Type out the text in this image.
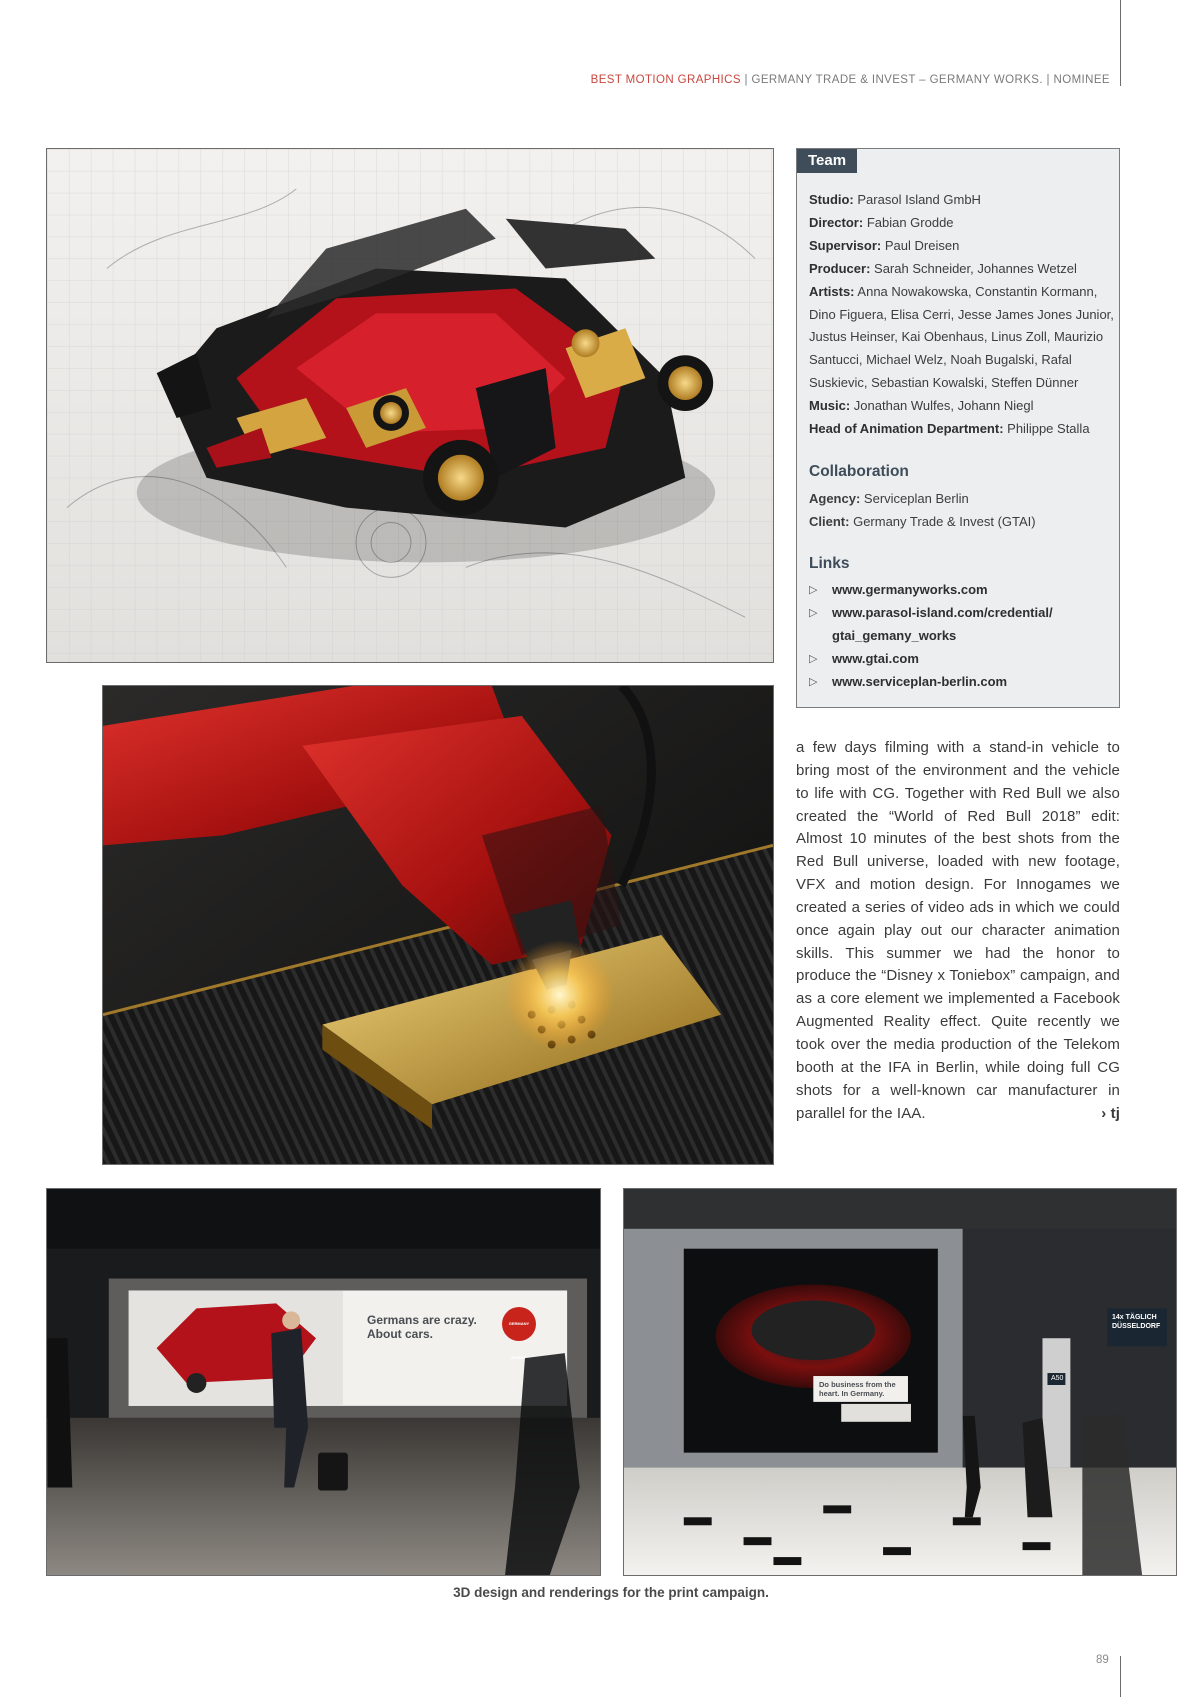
BEST MOTION GRAPHICS | GERMANY TRADE & INVEST – GERMANY WORKS. | NOMINEE
Team
Studio: Parasol Island GmbH
Director: Fabian Grodde
Supervisor: Paul Dreisen
Producer: Sarah Schneider, Johannes Wetzel
Artists: Anna Nowakowska, Constantin Kormann, Dino Figuera, Elisa Cerri, Jesse James Jones Junior, Justus Heinser, Kai Obenhaus, Linus Zoll, Maurizio Santucci, Michael Welz, Noah Bugalski, Rafal Suskievic, Sebastian Kowalski, Steffen Dünner
Music: Jonathan Wulfes, Johann Niegl
Head of Animation Department: Philippe Stalla
Collaboration
Agency: Serviceplan Berlin
Client: Germany Trade & Invest (GTAI)
Links
▷	www.germanyworks.com
▷	www.parasol-island.com/credential/ gtai_gemany_works
▷	www.gtai.com
▷	www.serviceplan-berlin.com
a few days filming with a stand-in vehicle to bring most of the environment and the vehicle to life with CG. Together with Red Bull we also created the “World of Red Bull 2018” edit: Almost 10 minutes of the best shots from the Red Bull universe, loaded with new footage, VFX and motion design. For Innogames we created a series of video ads in which we could once again play out our character animation skills. This summer we had the honor to produce the “Disney x Toniebox” campaign, and as a core element we implemented a Facebook Augmented Reality effect. Quite recently we took over the media production of the Telekom booth at the IFA in Berlin, while doing full CG shots for a well-known car manufacturer in parallel for the IAA.	› tj
Germans are crazy.
About cars.
GERMANY WORKS.
Do business from the
heart. In Germany.
14x TÄGLICH
DÜSSELDORF
A50
3D design and renderings for the print campaign.
89
